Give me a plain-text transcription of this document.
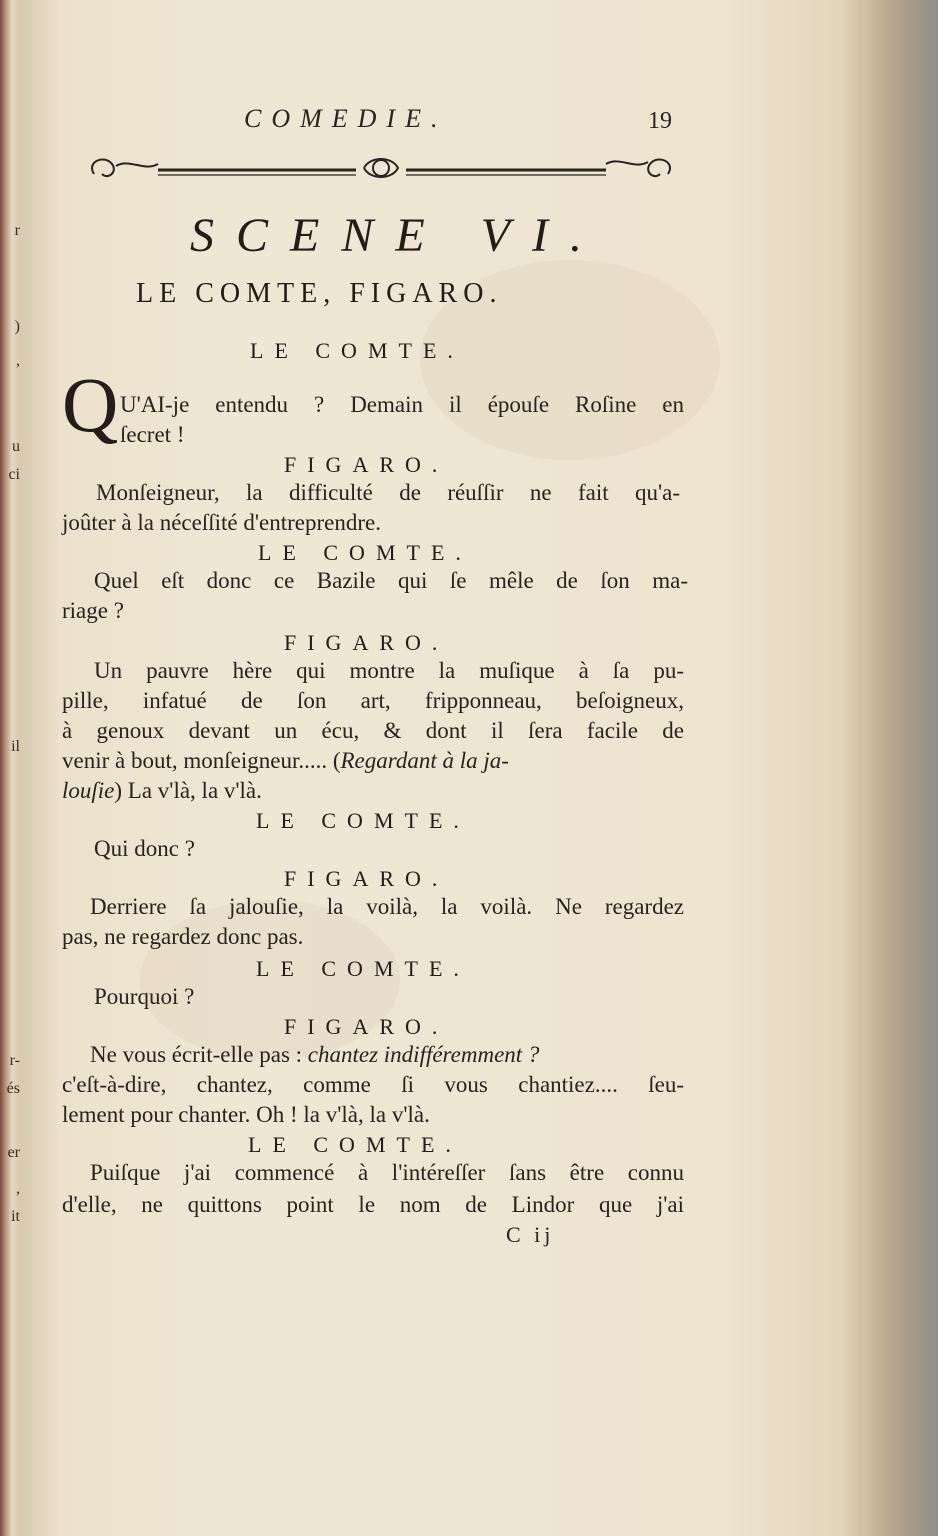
r
)
,
u
ci
il
r-
és
er
,
it
COMEDIE.	19
SCENE VI.
LE COMTE, FIGARO.
LE COMTE.
Q U'AI-je entendu ? Demain il épouſe Roſine en
ſecret !
FIGARO.
Monſeigneur, la difficulté de réuſſir ne fait qu'a-
joûter à la néceſſité d'entreprendre.
LE COMTE.
Quel eſt donc ce Bazile qui ſe mêle de ſon ma-
riage ?
FIGARO.
Un pauvre hère qui montre la muſique à ſa pu-
pille, infatué de ſon art, fripponneau, beſoigneux,
à genoux devant un écu, & dont il ſera facile de
venir à bout, monſeigneur..... (Regardant à la ja-
louſie) La v'là, la v'là.
LE COMTE.
Qui donc ?
FIGARO.
Derriere ſa jalouſie, la voilà, la voilà. Ne regardez
pas, ne regardez donc pas.
LE COMTE.
Pourquoi ?
FIGARO.
Ne vous écrit-elle pas : chantez indifféremment ?
c'eſt-à-dire, chantez, comme ſi vous chantiez.... ſeu-
lement pour chanter. Oh ! la v'là, la v'là.
LE COMTE.
Puiſque j'ai commencé à l'intéreſſer ſans être connu
d'elle, ne quittons point le nom de Lindor que j'ai
C ij
